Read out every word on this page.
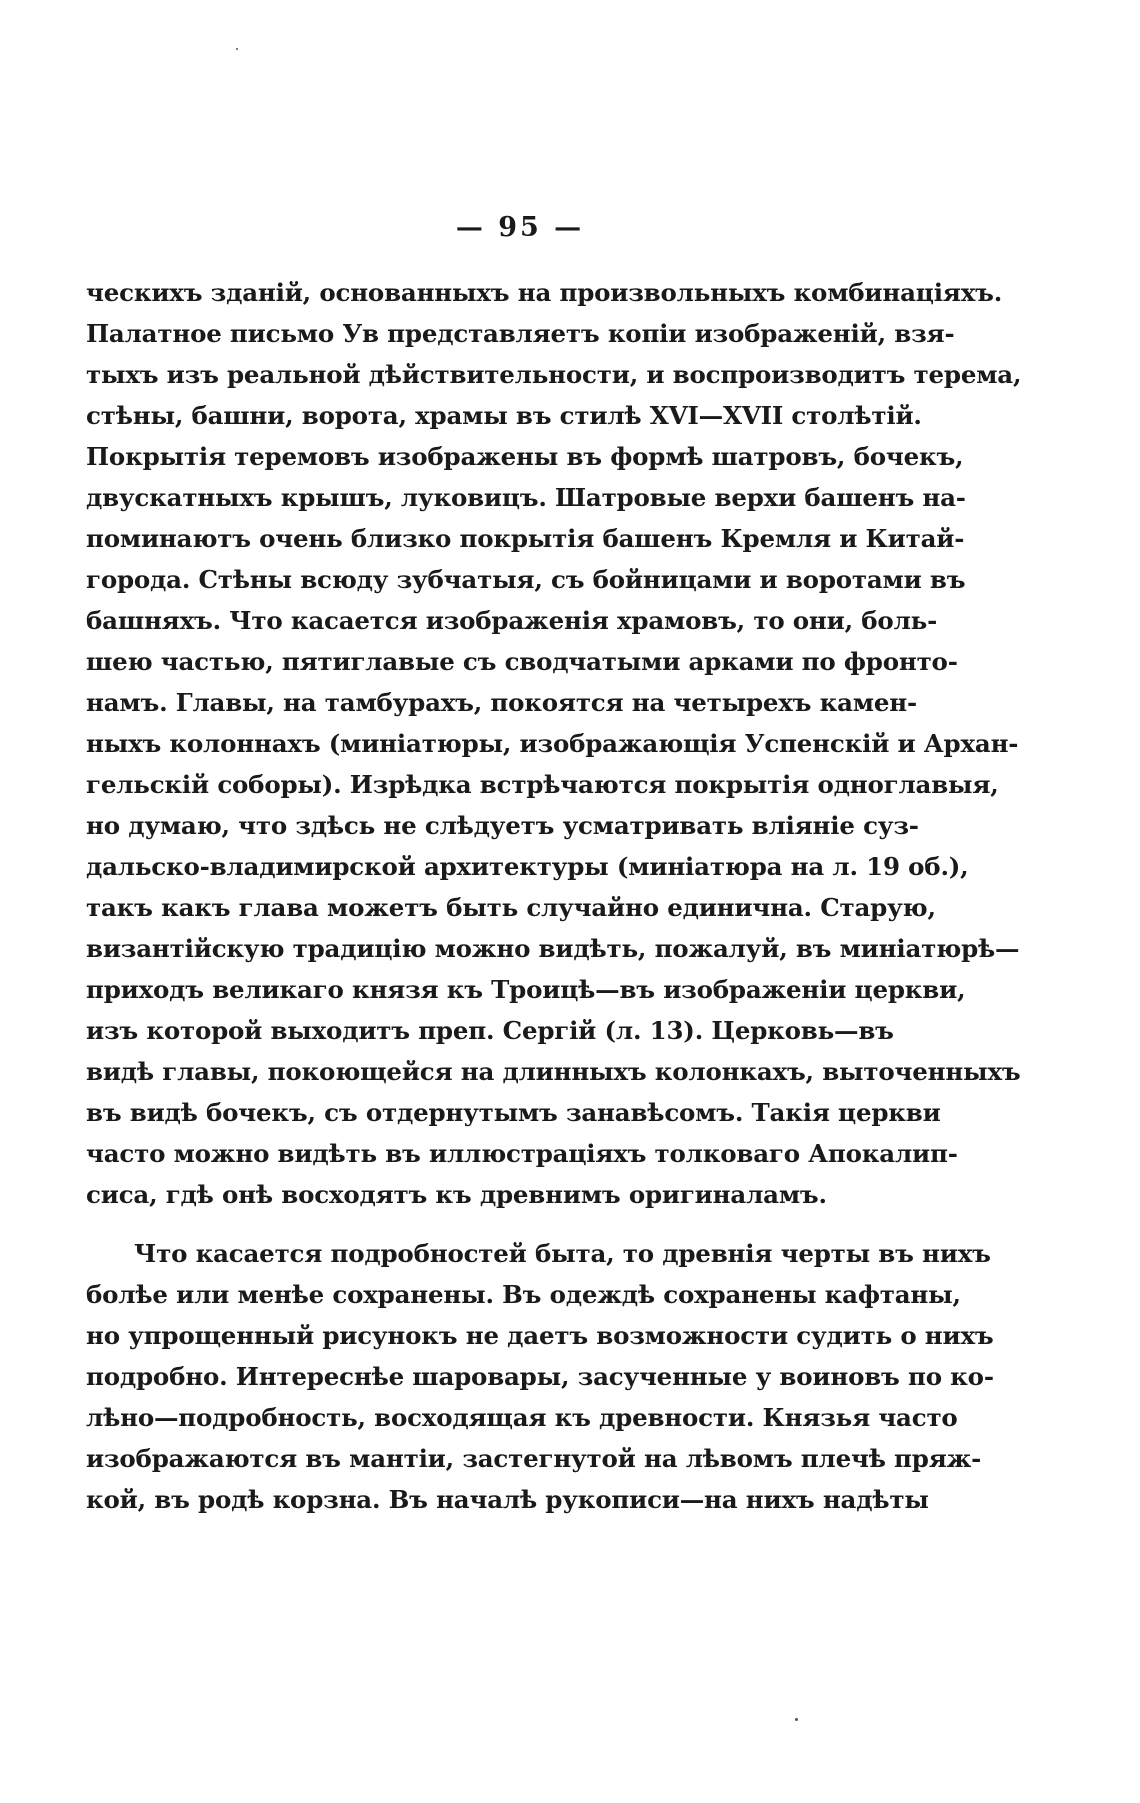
— 95 —
ческихъ зданій, основанныхъ на произвольныхъ комбинаціяхъ.
Палатное письмо Ув представляетъ копіи изображеній, взя-
тыхъ изъ реальной дѣйствительности, и воспроизводитъ терема,
стѣны, башни, ворота, храмы въ стилѣ XVI—XVII столѣтій.
Покрытія теремовъ изображены въ формѣ шатровъ, бочекъ,
двускатныхъ крышъ, луковицъ. Шатровые верхи башенъ на-
поминаютъ очень близко покрытія башенъ Кремля и Китай-
города. Стѣны всюду зубчатыя, съ бойницами и воротами въ
башняхъ. Что касается изображенія храмовъ, то они, боль-
шею частью, пятиглавые съ сводчатыми арками по фронто-
намъ. Главы, на тамбурахъ, покоятся на четырехъ камен-
ныхъ колоннахъ (миніатюры, изображающія Успенскій и Архан-
гельскій соборы). Изрѣдка встрѣчаются покрытія одноглавыя,
но думаю, что здѣсь не слѣдуетъ усматривать вліяніе суз-
дальско-владимирской архитектуры (миніатюра на л. 19 об.),
такъ какъ глава можетъ быть случайно единична. Старую,
византійскую традицію можно видѣть, пожалуй, въ миніатюрѣ—
приходъ великаго князя къ Троицѣ—въ изображеніи церкви,
изъ которой выходитъ преп. Сергій (л. 13). Церковь—въ
видѣ главы, покоющейся на длинныхъ колонкахъ, выточенныхъ
въ видѣ бочекъ, съ отдернутымъ занавѣсомъ. Такія церкви
часто можно видѣть въ иллюстраціяхъ толковаго Апокалип-
сиса, гдѣ онѣ восходятъ къ древнимъ оригиналамъ.
Что касается подробностей быта, то древнія черты въ нихъ
болѣе или менѣе сохранены. Въ одеждѣ сохранены кафтаны,
но упрощенный рисунокъ не даетъ возможности судить о нихъ
подробно. Интереснѣе шаровары, засученные у воиновъ по ко-
лѣно—подробность, восходящая къ древности. Князья часто
изображаются въ мантіи, застегнутой на лѣвомъ плечѣ пряж-
кой, въ родѣ корзна. Въ началѣ рукописи—на нихъ надѣты
